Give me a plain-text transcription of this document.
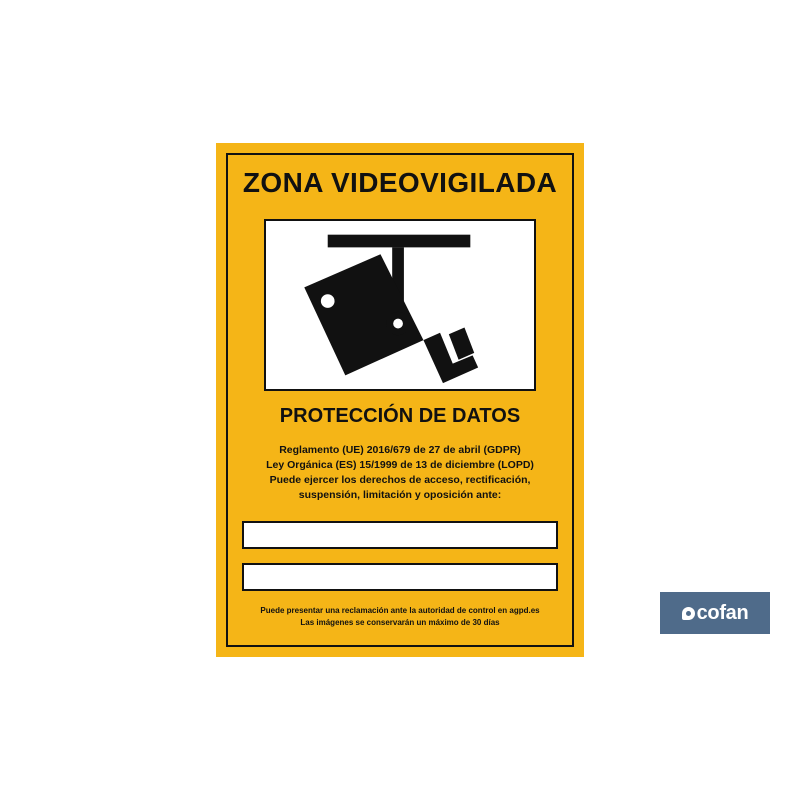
ZONA VIDEOVIGILADA
PROTECCIÓN DE DATOS
Reglamento (UE) 2016/679 de 27 de abril (GDPR)
Ley Orgánica (ES) 15/1999 de 13 de diciembre (LOPD)
Puede ejercer los derechos de acceso, rectificación,
suspensión, limitación y oposición ante:
Puede presentar una reclamación ante la autoridad de control en agpd.es
Las imágenes se conservarán un máximo de 30 días	cofan
